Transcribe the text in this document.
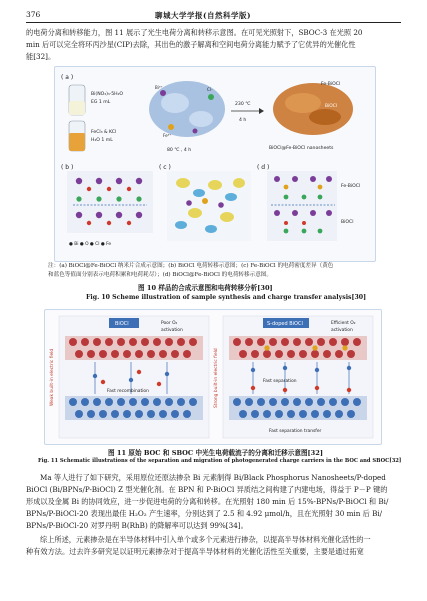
376	聊城大学学报(自然科学版)
的电荷分离和转移能力，图 11 展示了光生电荷分离和转移示意图。在可见光照射下，SBOC-3 在光照 20
min 后可以完全将环丙沙星(CIP)去除，其出色的激子解离和空间电荷分离能力赋予了它优异的光催化性
能[32]。
( a )
Bi(NO₃)₃·5H₂O
EG 1 mL
FeCl₃ & KCl
H₂O 1 mL
Bi³⁺
Fe³⁺
Cl⁻
80 ℃ , 4 h
230 ℃
4 h
Fe-BiOCl
BiOCl
BiOCl@Fe-BiOCl nanosheets
( b )
● Bi ● O ● Cl ● Fe
( c )	( d )
Fe-BiOCl
BiOCl
注：(a) BiOCl@Fe-BiOCl 纳米片合成示意图；(b) BiOCl 电荷转移示意图；(c) Fe-BiOCl 的电荷密度差异（黄色
和蓝色等值面分别表示电荷积累和电荷耗尽）；(d) BiOCl@Fe-BiOCl 的电荷转移示意图。
图 10 样品的合成示意图和电荷转移分析[30]
Fig. 10 Scheme illustration of sample synthesis and charge transfer analysis[30]
Weak built-in electric field	Strong built-in electric field
BiOCl	Poor O₂
activation
Fast recombination
S-doped BiOCl	Efficient O₂
activation
Fast separation
Fast separation transfer
图 11 原始 BOC 和 SBOC 中光生电荷载流子的分离和迁移示意图[32]
Fig. 11 Schematic illustrations of the separation and migration of photogenerated charge carriers in the BOC and SBOC[32]
Ma 等人进行了如下研究，采用原位还原法掺杂 Bi 元素制得 Bi/Black Phosphorus Nanosheets/P-doped
BiOCl (Bi/BPNs/P-BiOCl) Z 型光催化剂。在 BPN 和 P-BiOCl 异质结之间构建了内建电场，得益于 P－P 键的
形成以及金属 Bi 的协同效应，进一步促进电荷的分离和转移。在光照射 180 min 后 15%-BPNs/P-BiOCl 和 Bi/
BPNs/P-BiOCl-20 表现出最佳 H₂O₂ 产生速率，分别达到了 2.5 和 4.92 μmol/h，且在光照射 30 min 后 Bi/
BPNs/P-BiOCl-20 对罗丹明 B(RhB) 的降解率可以达到 99%[34]。
综上所述，元素掺杂是在半导体材料中引入单个或多个元素进行掺杂，以提高半导体材料光催化活性的一
种有效方法。过去许多研究足以证明元素掺杂对于提高半导体材料的光催化活性至关重要，主要是通过拓宽
